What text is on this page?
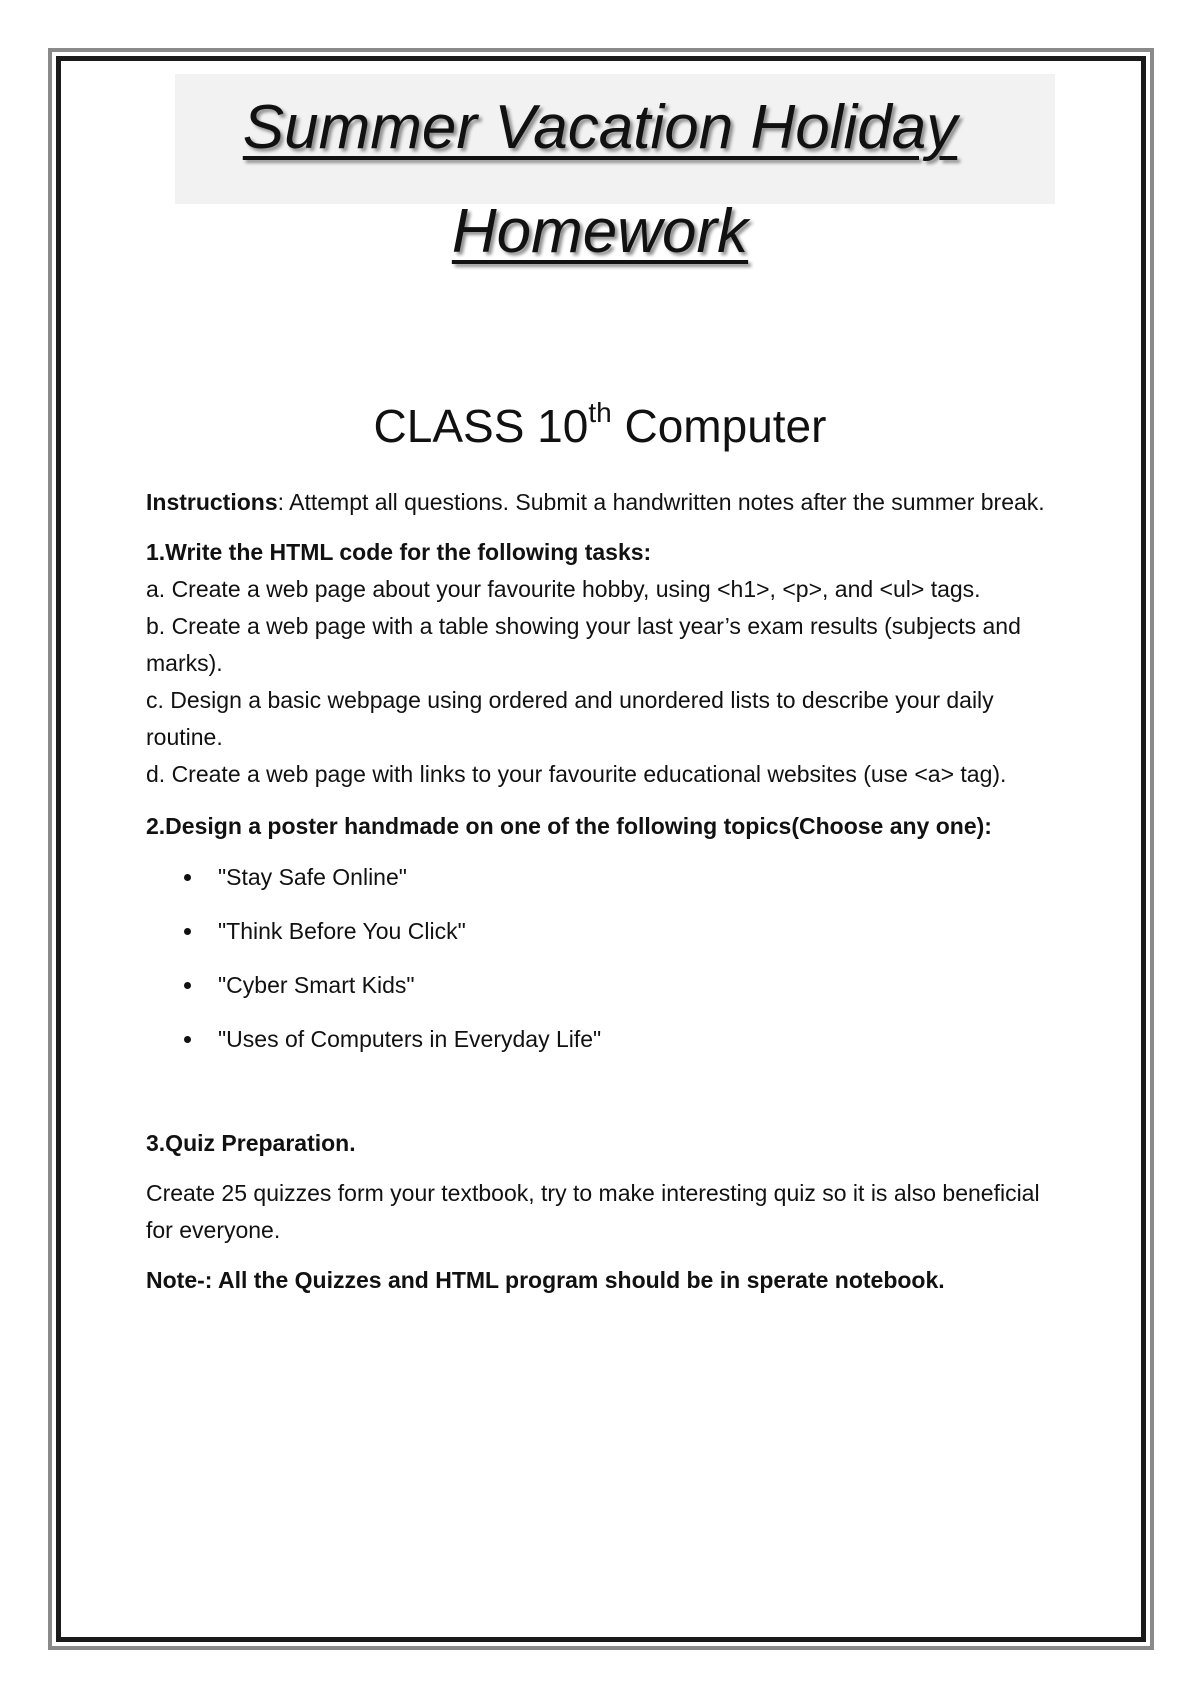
Summer Vacation Holiday
Homework
CLASS 10th Computer

Instructions: Attempt all questions. Submit a handwritten notes after the summer break.

1.Write the HTML code for the following tasks:

a. Create a web page about your favourite hobby, using <h1>, <p>, and <ul> tags.

b. Create a web page with a table showing your last year’s exam results (subjects and marks).

c. Design a basic webpage using ordered and unordered lists to describe your daily routine.

d. Create a web page with links to your favourite educational websites (use <a> tag).

2.Design a poster handmade on one of the following topics(Choose any one):

"Stay Safe Online"
"Think Before You Click"
"Cyber Smart Kids"
"Uses of Computers in Everyday Life"

3.Quiz Preparation.

Create 25 quizzes form your textbook, try to make interesting quiz so it is also beneficial for everyone.

Note-: All the Quizzes and HTML program should be in sperate notebook.
